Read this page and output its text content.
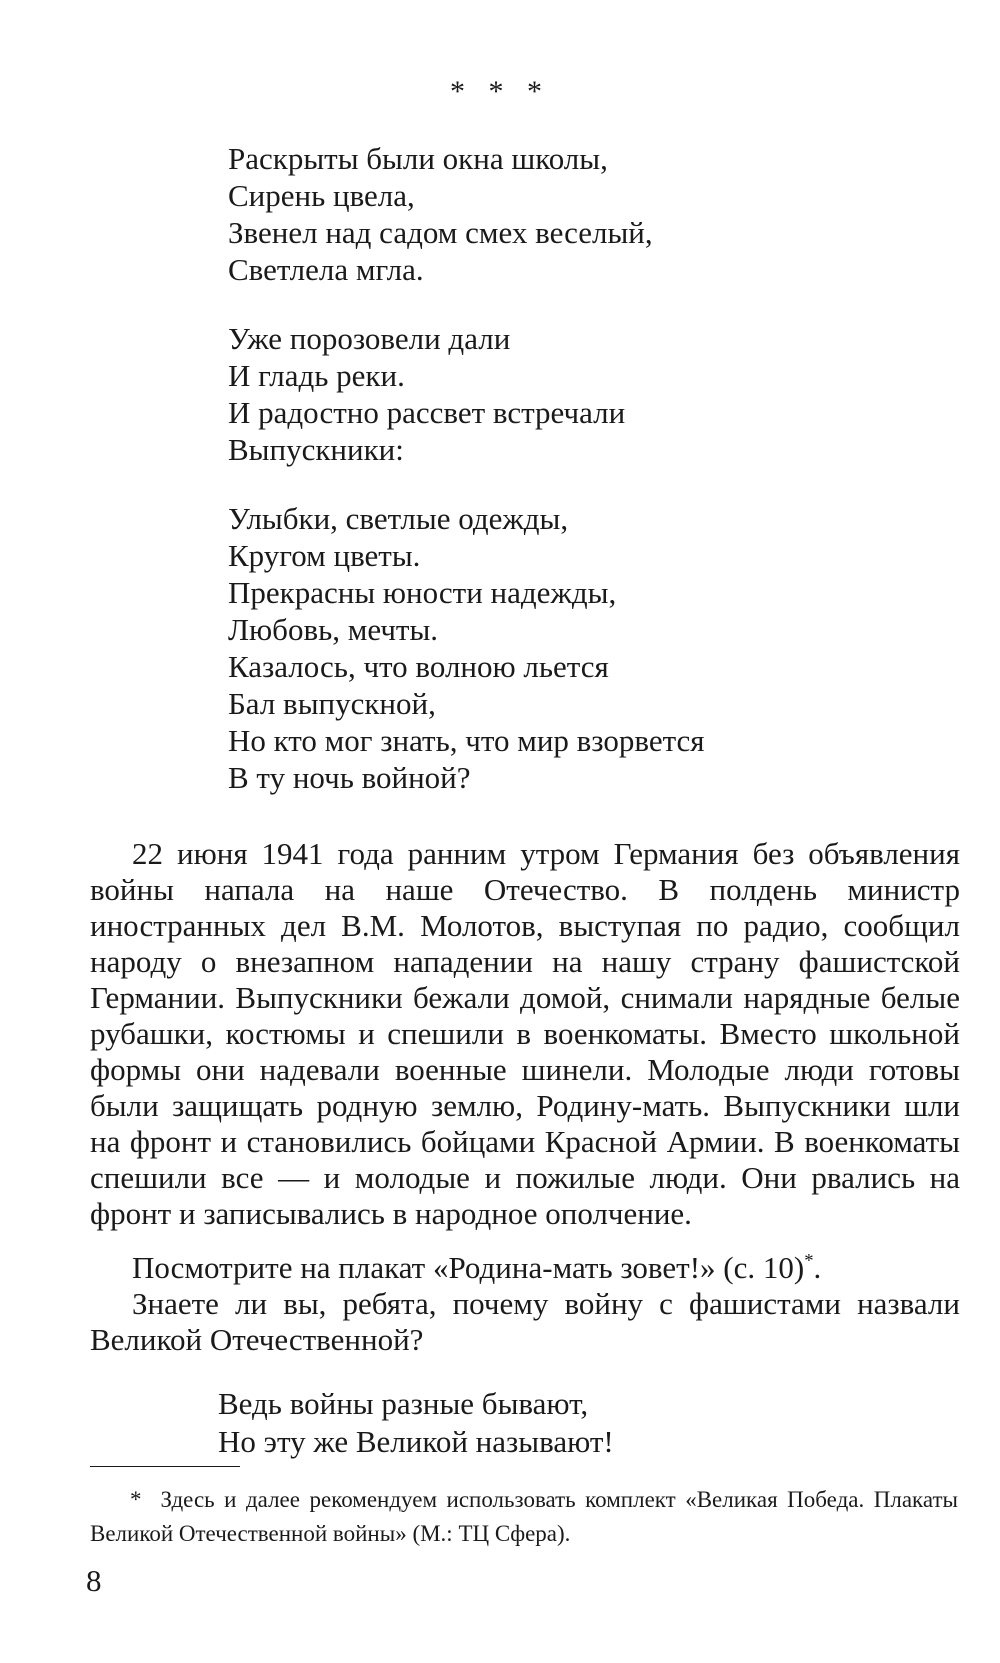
* * *
Раскрыты были окна школы,
Сирень цвела,
Звенел над садом смех веселый,
Светлела мгла.
Уже порозовели дали
И гладь реки.
И радостно рассвет встречали
Выпускники:
Улыбки, светлые одежды,
Кругом цветы.
Прекрасны юности надежды,
Любовь, мечты.
Казалось, что волною льется
Бал выпускной,
Но кто мог знать, что мир взорвется
В ту ночь войной?

22 июня 1941 года ранним утром Германия без объявления войны напала на наше Отечество. В полдень министр иностранных дел В.М. Молотов, выступая по радио, сообщил народу о внезапном нападении на нашу страну фашистской Германии. Выпускники бежали домой, снимали нарядные белые рубашки, костюмы и спешили в военкоматы. Вместо школьной формы они надевали военные шинели. Молодые люди готовы были защищать родную землю, Родину-мать. Выпускники шли на фронт и становились бойцами Красной Армии. В военкоматы спешили все — и молодые и пожилые люди. Они рвались на фронт и записывались в народное ополчение.

Посмотрите на плакат «Родина-мать зовет!» (с. 10)*.

Знаете ли вы, ребята, почему войну с фашистами назвали Великой Отечественной?

Ведь войны разные бывают,
Но эту же Великой называют!

* Здесь и далее рекомендуем использовать комплект «Великая Победа. Плакаты Великой Отечественной войны» (М.: ТЦ Сфера).

8
